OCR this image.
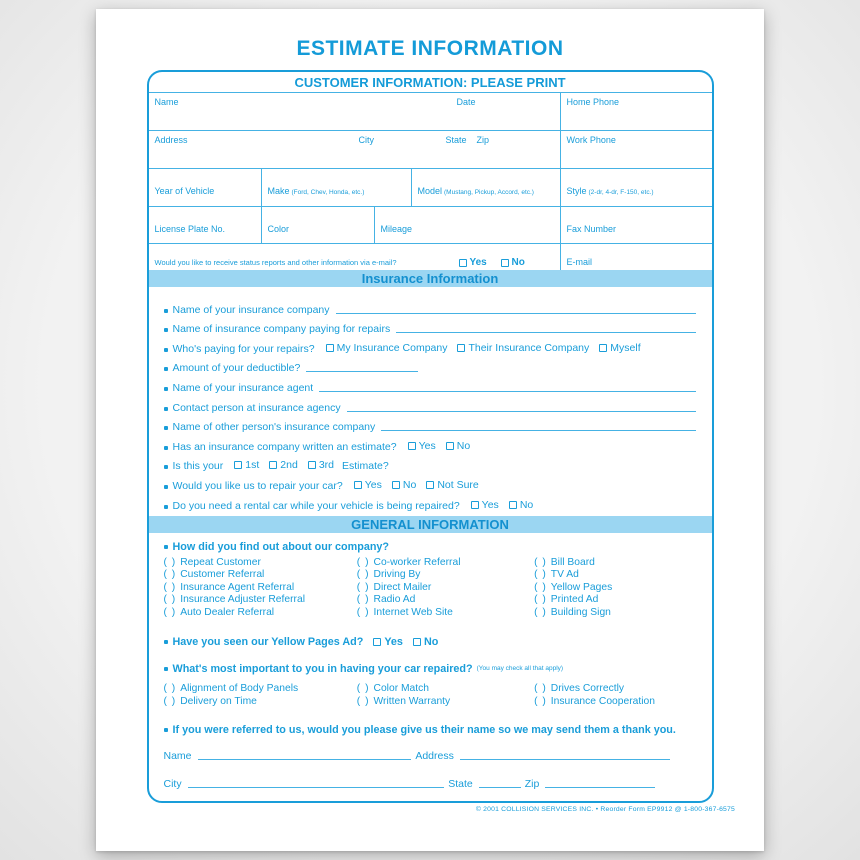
ESTIMATE INFORMATION
CUSTOMER INFORMATION: PLEASE PRINT
Name	Date	Home Phone
Address	City	State Zip	Work Phone
Year of Vehicle	Make (Ford, Chev, Honda, etc.)	Model (Mustang, Pickup, Accord, etc.)	Style (2-dr, 4-dr, F-150, etc.)
License Plate No.	Color	Mileage	Fax Number
Would you like to receive status reports and other information via e-mail?	Yes No	E-mail
Insurance Information
Name of your insurance company
Name of insurance company paying for repairs
Who's paying for your repairs? My Insurance Company Their Insurance Company Myself
Amount of your deductible?
Name of your insurance agent
Contact person at insurance agency
Name of other person's insurance company
Has an insurance company written an estimate? Yes No
Is this your 1st 2nd 3rd Estimate?
Would you like us to repair your car? Yes No Not Sure
Do you need a rental car while your vehicle is being repaired? Yes No
GENERAL INFORMATION
How did you find out about our company?
( ) Repeat Customer	( ) Co-worker Referral	( ) Bill Board
( ) Customer Referral	( ) Driving By	( ) TV Ad
( ) Insurance Agent Referral	( ) Direct Mailer	( ) Yellow Pages
( ) Insurance Adjuster Referral	( ) Radio Ad	( ) Printed Ad
( ) Auto Dealer Referral	( ) Internet Web Site	( ) Building Sign
Have you seen our Yellow Pages Ad? Yes No
What's most important to you in having your car repaired? (You may check all that apply)
( ) Alignment of Body Panels	( ) Color Match	( ) Drives Correctly
( ) Delivery on Time	( ) Written Warranty	( ) Insurance Cooperation
If you were referred to us, would you please give us their name so we may send them a thank you.
Name	Address
City	State	Zip
© 2001 COLLISION SERVICES INC. • Reorder Form EP9912 @ 1-800-367-6575
